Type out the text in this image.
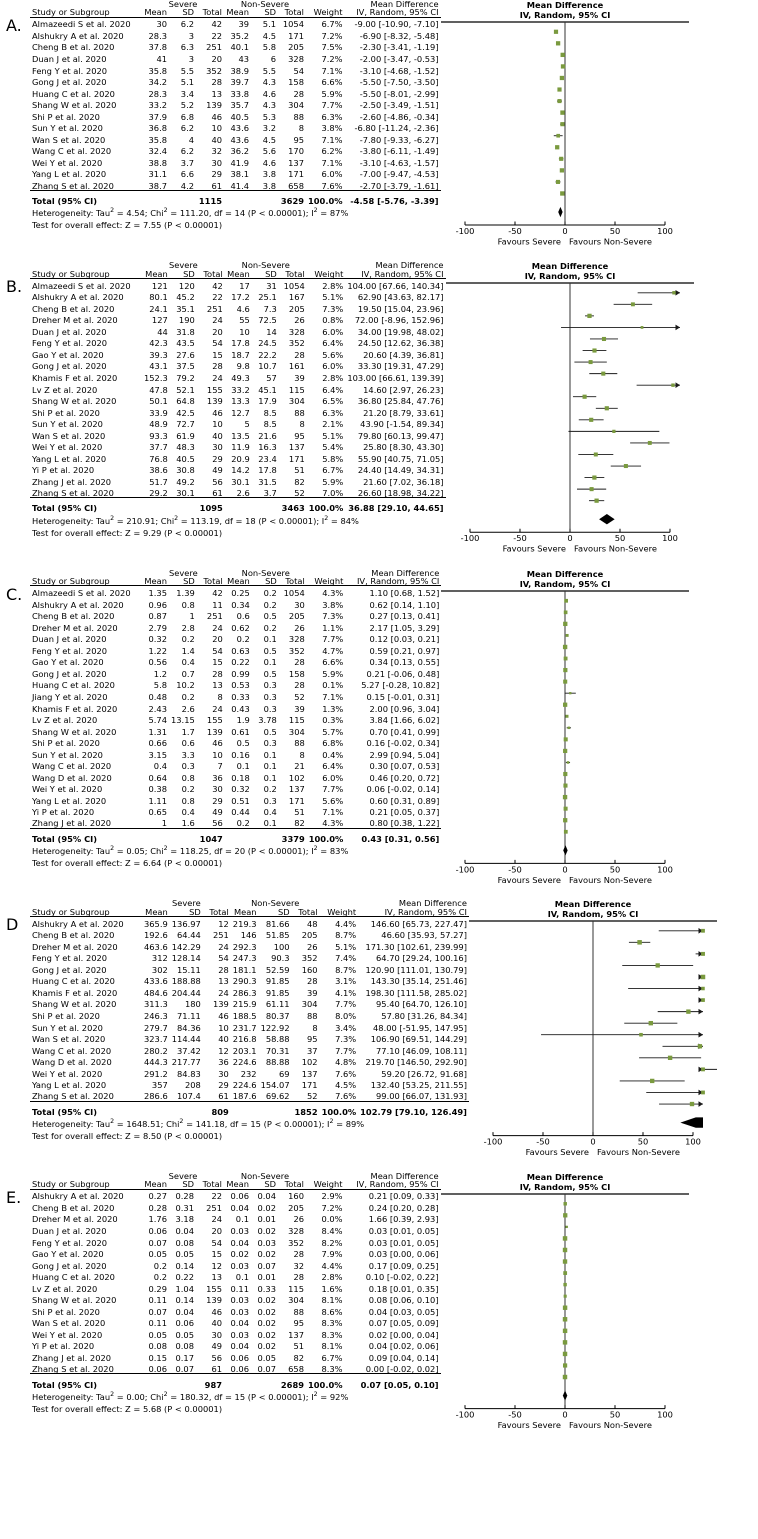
A.
	Severe			Non-Severe				Mean Difference
Study or Subgroup	Mean	SD	Total	Mean	SD	Total	Weight	IV, Random, 95% CI
Almazeedi S et al. 2020	30	6.2	42	39	5.1	1054	6.7%	-9.00 [-10.90, -7.10]
Alshukry A et al. 2020	28.3	3	22	35.2	4.5	171	7.2%	-6.90 [-8.32, -5.48]
Cheng B et al. 2020	37.8	6.3	251	40.1	5.8	205	7.5%	-2.30 [-3.41, -1.19]
Duan J et al. 2020	41	3	20	43	6	328	7.2%	-2.00 [-3.47, -0.53]
Feng Y et al. 2020	35.8	5.5	352	38.9	5.5	54	7.1%	-3.10 [-4.68, -1.52]
Gong J et al. 2020	34.2	5.1	28	39.7	4.3	158	6.6%	-5.50 [-7.50, -3.50]
Huang C et al. 2020	28.3	3.4	13	33.8	4.6	28	5.9%	-5.50 [-8.01, -2.99]
Shang W et al. 2020	33.2	5.2	139	35.7	4.3	304	7.7%	-2.50 [-3.49, -1.51]
Shi P et al. 2020	37.9	6.8	46	40.5	5.3	88	6.3%	-2.60 [-4.86, -0.34]
Sun Y et al. 2020	36.8	6.2	10	43.6	3.2	8	3.8%	-6.80 [-11.24, -2.36]
Wan S et al. 2020	35.8	4	40	43.6	4.5	95	7.1%	-7.80 [-9.33, -6.27]
Wang C et al. 2020	32.4	6.2	32	36.2	5.6	170	6.2%	-3.80 [-6.11, -1.49]
Wei Y et al. 2020	38.8	3.7	30	41.9	4.6	137	7.1%	-3.10 [-4.63, -1.57]
Yang L et al. 2020	31.1	6.6	29	38.1	3.8	171	6.0%	-7.00 [-9.47, -4.53]
Zhang S et al. 2020	38.7	4.2	61	41.4	3.8	658	7.6%	-2.70 [-3.79, -1.61]
Total (95% CI)			1115			3629	100.0%	-4.58 [-5.76, -3.39]
Heterogeneity: Tau$^2$ = 4.54; Chi$^2$ = 111.20, df = 14 (P < 0.00001); $I^2 = 87\%$
Test for overall effect: Z = 7.55 (P < 0.00001)
Mean Difference
IV, Random, 95% CI
-100	-50	0	50	100
Favours Severe Favours Non-Severe
B.
	Severe			Non-Severe				Mean Difference
Study or Subgroup	Mean	SD	Total	Mean	SD	Total	Weight	IV, Random, 95% CI
Almazeedi S et al. 2020	121	120	42	17	31	1054	2.8%	104.00 [67.66, 140.34]
Alshukry A et al. 2020	80.1	45.2	22	17.2	25.1	167	5.1%	62.90 [43.63, 82.17]
Cheng B et al. 2020	24.1	35.1	251	4.6	7.3	205	7.3%	19.50 [15.04, 23.96]
Dreher M et al. 2020	127	190	24	55	72.5	26	0.8%	72.00 [-8.96, 152.96]
Duan J et al. 2020	44	31.8	20	10	14	328	6.0%	34.00 [19.98, 48.02]
Feng Y et al. 2020	42.3	43.5	54	17.8	24.5	352	6.4%	24.50 [12.62, 36.38]
Gao Y et al. 2020	39.3	27.6	15	18.7	22.2	28	5.6%	20.60 [4.39, 36.81]
Gong J et al. 2020	43.1	37.5	28	9.8	10.7	161	6.0%	33.30 [19.31, 47.29]
Khamis F et al. 2020	152.3	79.2	24	49.3	57	39	2.8%	103.00 [66.61, 139.39]
Lv Z et al. 2020	47.8	52.1	155	33.2	45.1	115	6.4%	14.60 [2.97, 26.23]
Shang W et al. 2020	50.1	64.8	139	13.3	17.9	304	6.5%	36.80 [25.84, 47.76]
Shi P et al. 2020	33.9	42.5	46	12.7	8.5	88	6.3%	21.20 [8.79, 33.61]
Sun Y et al. 2020	48.9	72.7	10	5	8.5	8	2.1%	43.90 [-1.54, 89.34]
Wan S et al. 2020	93.3	61.9	40	13.5	21.6	95	5.1%	79.80 [60.13, 99.47]
Wei Y et al. 2020	37.7	48.3	30	11.9	16.3	137	5.4%	25.80 [8.30, 43.30]
Yang L et al. 2020	76.8	40.5	29	20.9	23.4	171	5.8%	55.90 [40.75, 71.05]
Yi P et al. 2020	38.6	30.8	49	14.2	17.8	51	6.7%	24.40 [14.49, 34.31]
Zhang J et al. 2020	51.7	49.2	56	30.1	31.5	82	5.9%	21.60 [7.02, 36.18]
Zhang S et al. 2020	29.2	30.1	61	2.6	3.7	52	7.0%	26.60 [18.98, 34.22]
Total (95% CI)			1095			3463	100.0%	36.88 [29.10, 44.65]
Heterogeneity: Tau$^2$ = 210.91; Chi$^2$ = 113.19, df = 18 (P < 0.00001); $I^2 = 84\%$
Test for overall effect: Z = 9.29 (P < 0.00001)
Mean Difference
IV, Random, 95% CI
-100	-50	0	50	100
Favours Severe Favours Non-Severe
C.
	Severe			Non-Severe				Mean Difference
Study or Subgroup	Mean	SD	Total	Mean	SD	Total	Weight	IV, Random, 95% CI
Almazeedi S et al. 2020	1.35	1.39	42	0.25	0.2	1054	4.3%	1.10 [0.68, 1.52]
Alshukry A et al. 2020	0.96	0.8	11	0.34	0.2	30	3.8%	0.62 [0.14, 1.10]
Cheng B et al. 2020	0.87	1	251	0.6	0.5	205	7.3%	0.27 [0.13, 0.41]
Dreher M et al. 2020	2.79	2.8	24	0.62	0.2	26	1.1%	2.17 [1.05, 3.29]
Duan J et al. 2020	0.32	0.2	20	0.2	0.1	328	7.7%	0.12 [0.03, 0.21]
Feng Y et al. 2020	1.22	1.4	54	0.63	0.5	352	4.7%	0.59 [0.21, 0.97]
Gao Y et al. 2020	0.56	0.4	15	0.22	0.1	28	6.6%	0.34 [0.13, 0.55]
Gong J et al. 2020	1.2	0.7	28	0.99	0.5	158	5.9%	0.21 [-0.06, 0.48]
Huang C et al. 2020	5.8	10.2	13	0.53	0.3	28	0.1%	5.27 [-0.28, 10.82]
Jiang Y et al. 2020	0.48	0.2	8	0.33	0.3	52	7.1%	0.15 [-0.01, 0.31]
Khamis F et al. 2020	2.43	2.6	24	0.43	0.3	39	1.3%	2.00 [0.96, 3.04]
Lv Z et al. 2020	5.74	13.15	155	1.9	3.78	115	0.3%	3.84 [1.66, 6.02]
Shang W et al. 2020	1.31	1.7	139	0.61	0.5	304	5.7%	0.70 [0.41, 0.99]
Shi P et al. 2020	0.66	0.6	46	0.5	0.3	88	6.8%	0.16 [-0.02, 0.34]
Sun Y et al. 2020	3.15	3.3	10	0.16	0.1	8	0.4%	2.99 [0.94, 5.04]
Wang C et al. 2020	0.4	0.3	7	0.1	0.1	21	6.4%	0.30 [0.07, 0.53]
Wang D et al. 2020	0.64	0.8	36	0.18	0.1	102	6.0%	0.46 [0.20, 0.72]
Wei Y et al. 2020	0.38	0.2	30	0.32	0.2	137	7.7%	0.06 [-0.02, 0.14]
Yang L et al. 2020	1.11	0.8	29	0.51	0.3	171	5.6%	0.60 [0.31, 0.89]
Yi P et al. 2020	0.65	0.4	49	0.44	0.4	51	7.1%	0.21 [0.05, 0.37]
Zhang J et al. 2020	1	1.6	56	0.2	0.1	82	4.3%	0.80 [0.38, 1.22]
Total (95% CI)			1047			3379	100.0%	0.43 [0.31, 0.56]
Heterogeneity: Tau$^2$ = 0.05; Chi$^2$ = 118.25, df = 20 (P < 0.00001); $I^2 = 83\%$
Test for overall effect: Z = 6.64 (P < 0.00001)
Mean Difference
IV, Random, 95% CI
-100	-50	0	50	100
Favours Severe Favours Non-Severe
D
	Severe			Non-Severe				Mean Difference
Study or Subgroup	Mean	SD	Total	Mean	SD	Total	Weight	IV, Random, 95% CI
Alshukry A et al. 2020	365.9	136.97	12	219.3	81.66	48	4.4%	146.60 [65.73, 227.47]
Cheng B et al. 2020	192.6	64.44	251	146	51.85	205	8.7%	46.60 [35.93, 57.27]
Dreher M et al. 2020	463.6	142.29	24	292.3	100	26	5.1%	171.30 [102.61, 239.99]
Feng Y et al. 2020	312	128.14	54	247.3	90.3	352	7.4%	64.70 [29.24, 100.16]
Gong J et al. 2020	302	15.11	28	181.1	52.59	160	8.7%	120.90 [111.01, 130.79]
Huang C et al. 2020	433.6	188.88	13	290.3	91.85	28	3.1%	143.30 [35.14, 251.46]
Khamis F et al. 2020	484.6	204.44	24	286.3	91.85	39	4.1%	198.30 [111.58, 285.02]
Shang W et al. 2020	311.3	180	139	215.9	61.11	304	7.7%	95.40 [64.70, 126.10]
Shi P et al. 2020	246.3	71.11	46	188.5	80.37	88	8.0%	57.80 [31.26, 84.34]
Sun Y et al. 2020	279.7	84.36	10	231.7	122.92	8	3.4%	48.00 [-51.95, 147.95]
Wan S et al. 2020	323.7	114.44	40	216.8	58.88	95	7.3%	106.90 [69.51, 144.29]
Wang C et al. 2020	280.2	37.42	12	203.1	70.31	37	7.7%	77.10 [46.09, 108.11]
Wang D et al. 2020	444.3	217.77	36	224.6	88.88	102	4.8%	219.70 [146.50, 292.90]
Wei Y et al. 2020	291.2	84.83	30	232	69	137	7.6%	59.20 [26.72, 91.68]
Yang L et al. 2020	357	208	29	224.6	154.07	171	4.5%	132.40 [53.25, 211.55]
Zhang S et al. 2020	286.6	107.4	61	187.6	69.62	52	7.6%	99.00 [66.07, 131.93]
Total (95% CI)			809			1852	100.0%	102.79 [79.10, 126.49]
Heterogeneity: Tau$^2$ = 1648.51; Chi$^2$ = 141.18, df = 15 (P < 0.00001); $I^2 = 89\%$
Test for overall effect: Z = 8.50 (P < 0.00001)
Mean Difference
IV, Random, 95% CI
-100	-50	0	50	100
Favours Severe Favours Non-Severe
E.
	Severe			Non-Severe				Mean Difference
Study or Subgroup	Mean	SD	Total	Mean	SD	Total	Weight	IV, Random, 95% CI
Alshukry A et al. 2020	0.27	0.28	22	0.06	0.04	160	2.9%	0.21 [0.09, 0.33]
Cheng B et al. 2020	0.28	0.31	251	0.04	0.02	205	7.2%	0.24 [0.20, 0.28]
Dreher M et al. 2020	1.76	3.18	24	0.1	0.01	26	0.0%	1.66 [0.39, 2.93]
Duan J et al. 2020	0.06	0.04	20	0.03	0.02	328	8.4%	0.03 [0.01, 0.05]
Feng Y et al. 2020	0.07	0.08	54	0.04	0.03	352	8.2%	0.03 [0.01, 0.05]
Gao Y et al. 2020	0.05	0.05	15	0.02	0.02	28	7.9%	0.03 [0.00, 0.06]
Gong J et al. 2020	0.2	0.14	12	0.03	0.07	32	4.4%	0.17 [0.09, 0.25]
Huang C et al. 2020	0.2	0.22	13	0.1	0.01	28	2.8%	0.10 [-0.02, 0.22]
Lv Z et al. 2020	0.29	1.04	155	0.11	0.33	115	1.6%	0.18 [0.01, 0.35]
Shang W et al. 2020	0.11	0.14	139	0.03	0.02	304	8.1%	0.08 [0.06, 0.10]
Shi P et al. 2020	0.07	0.04	46	0.03	0.02	88	8.6%	0.04 [0.03, 0.05]
Wan S et al. 2020	0.11	0.06	40	0.04	0.02	95	8.3%	0.07 [0.05, 0.09]
Wei Y et al. 2020	0.05	0.05	30	0.03	0.02	137	8.3%	0.02 [0.00, 0.04]
Yi P et al. 2020	0.08	0.08	49	0.04	0.02	51	8.1%	0.04 [0.02, 0.06]
Zhang J et al. 2020	0.15	0.17	56	0.06	0.05	82	6.7%	0.09 [0.04, 0.14]
Zhang S et al. 2020	0.06	0.07	61	0.06	0.07	658	8.3%	0.00 [-0.02, 0.02]
Total (95% CI)			987			2689	100.0%	0.07 [0.05, 0.10]
Heterogeneity: Tau$^2$ = 0.00; Chi$^2$ = 180.32, df = 15 (P < 0.00001); $I^2 = 92\%$
Test for overall effect: Z = 5.68 (P < 0.00001)
Mean Difference
IV, Random, 95% CI
-100	-50	0	50	100
Favours Severe Favours Non-Severe
